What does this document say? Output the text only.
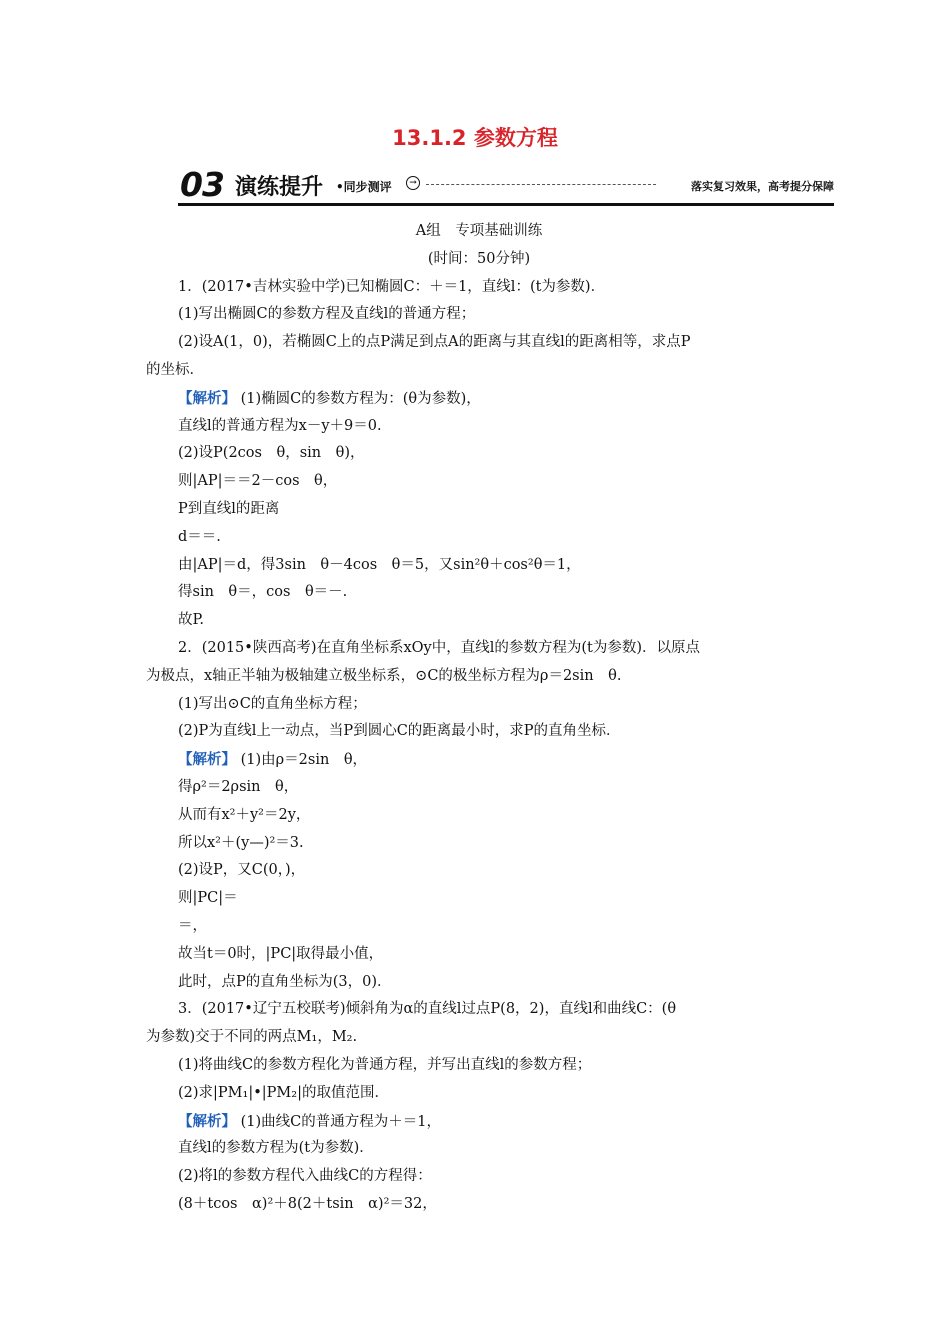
13.1.2 参数方程
03 演练提升 •同步测评	→	落实复习效果，高考提分保障
A组　专项基础训练
(时间：50分钟)
1．(2017•吉林实验中学)已知椭圆C：＋＝1，直线l：(t为参数)．
(1)写出椭圆C的参数方程及直线l的普通方程；
(2)设A(1，0)，若椭圆C上的点P满足到点A的距离与其直线l的距离相等，求点P
的坐标．
【解析】 (1)椭圆C的参数方程为：(θ为参数)，
直线l的普通方程为x－y＋9＝0.
(2)设P(2cos　θ，sin　θ)，
则|AP|＝＝2－cos　θ，
P到直线l的距离
d＝＝.
由|AP|＝d，得3sin　θ－4cos　θ＝5，又sin²θ＋cos²θ＝1，
得sin　θ＝，cos　θ＝－.
故P.
2．(2015•陕西高考)在直角坐标系xOy中，直线l的参数方程为(t为参数)．以原点
为极点，x轴正半轴为极轴建立极坐标系，⊙C的极坐标方程为ρ＝2sin　θ.
(1)写出⊙C的直角坐标方程；
(2)P为直线l上一动点，当P到圆心C的距离最小时，求P的直角坐标．
【解析】 (1)由ρ＝2sin　θ，
得ρ²＝2ρsin　θ，
从而有x²＋y²＝2y，
所以x²＋(y—)²＝3.
(2)设P，又C(0，)，
则|PC|＝
＝，
故当t＝0时，|PC|取得最小值，
此时，点P的直角坐标为(3，0)．
3．(2017•辽宁五校联考)倾斜角为α的直线l过点P(8，2)，直线l和曲线C：(θ
为参数)交于不同的两点M₁，M₂.
(1)将曲线C的参数方程化为普通方程，并写出直线l的参数方程；
(2)求|PM₁|•|PM₂|的取值范围．
【解析】 (1)曲线C的普通方程为＋＝1，
直线l的参数方程为(t为参数)．
(2)将l的参数方程代入曲线C的方程得：
(8＋tcos　α)²＋8(2＋tsin　α)²＝32，
